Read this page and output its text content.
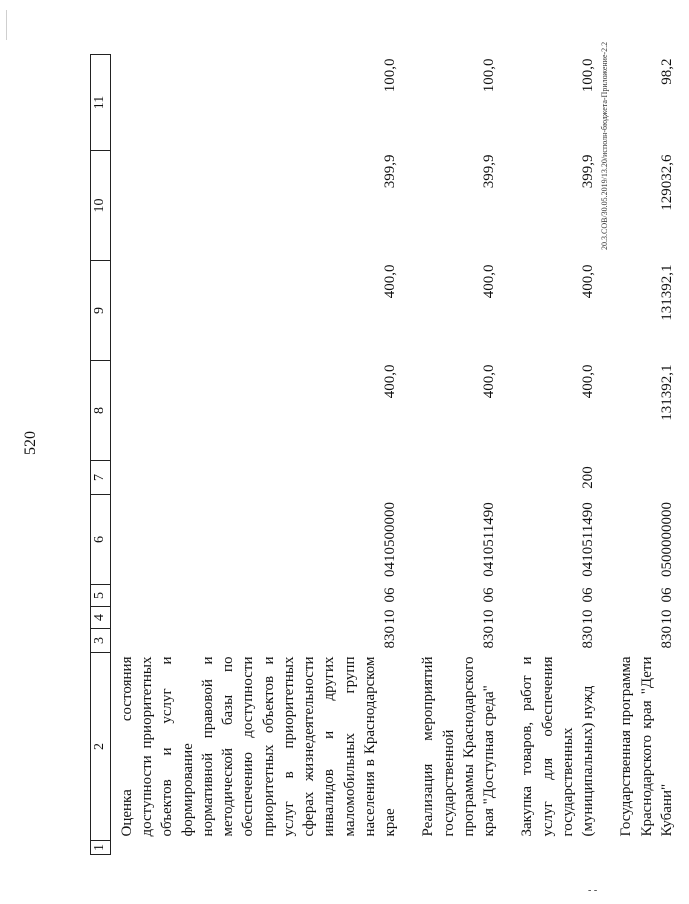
520
20.3.СОВ/30.05.2019/13.20/исполн-бюджета-Приложение-2.2
- -
1	2	3	4	5	6	7	8	9	10	11
	Оценка состояния доступности приоритетных объектов и услуг и формирование нормативной правовой и методической базы по обеспечению доступности приоритетных объектов и услуг в приоритетных сферах жизнедеятельности инвалидов и других маломобильных групп населения в Краснодарском крае	830	10	06	0410500000		400,0	400,0	399,9	100,0
	Реализация мероприятий государственной программы Краснодарского края "Доступная среда"	830	10	06	0410511490		400,0	400,0	399,9	100,0
	Закупка товаров, работ и услуг для обеспечения государственных (муниципальных) нужд	830	10	06	0410511490	200	400,0	400,0	399,9	100,0
	Государственная программа Краснодарского края "Дети Кубани"	830	10	06	0500000000		131392,1	131392,1	129032,6	98,2
